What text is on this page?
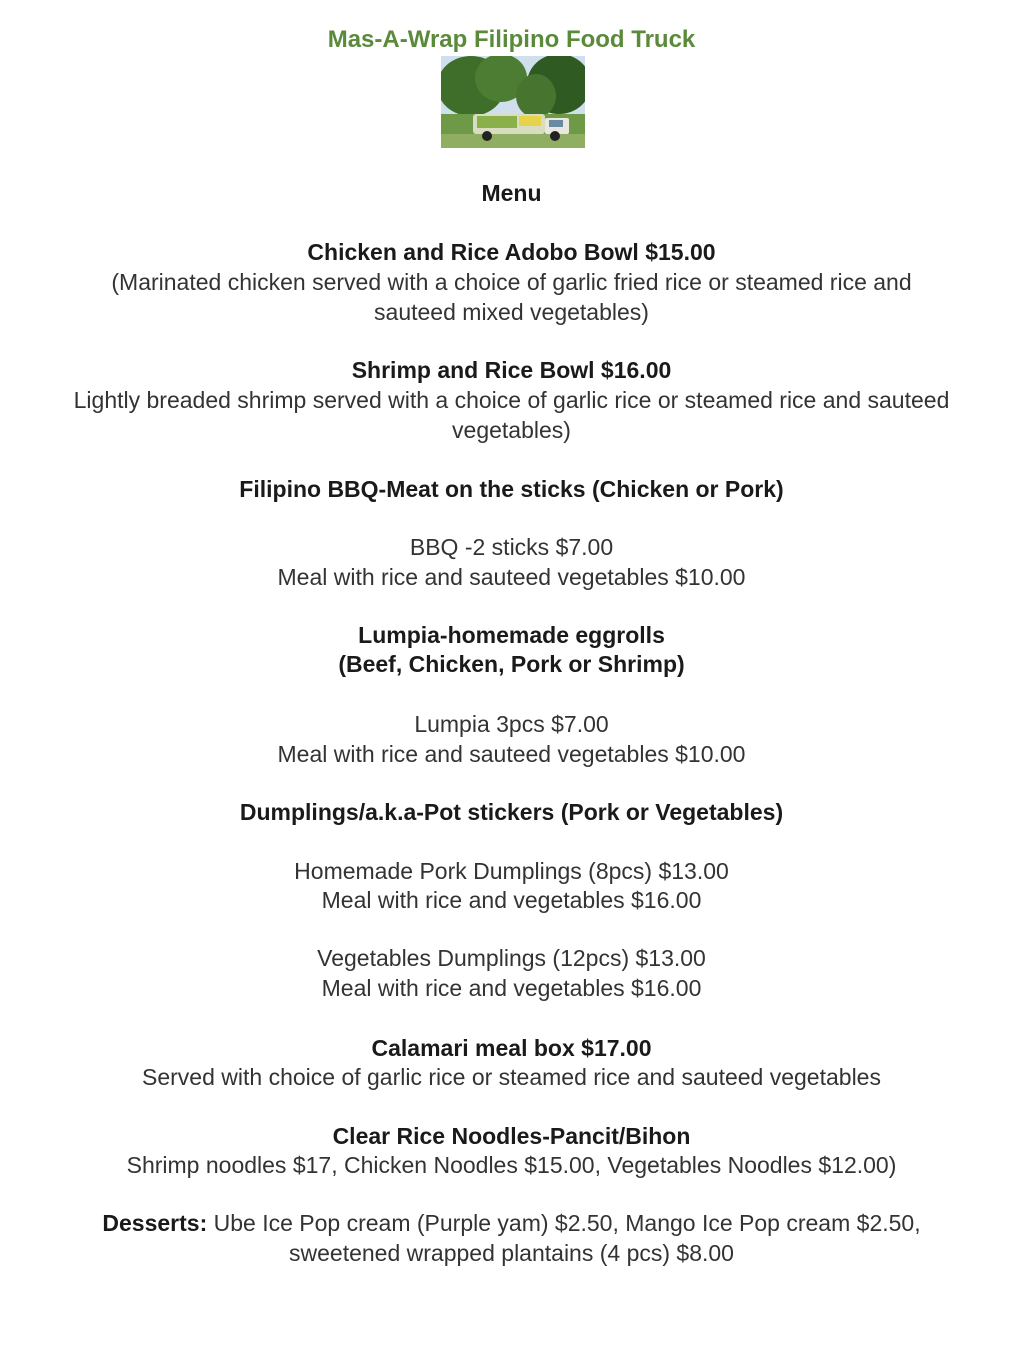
Mas-A-Wrap Filipino Food Truck
Menu
Chicken and Rice Adobo Bowl $15.00
(Marinated chicken served with a choice of garlic fried rice or steamed rice and
sauteed mixed vegetables)
Shrimp and Rice Bowl $16.00
Lightly breaded shrimp served with a choice of garlic rice or steamed rice and sauteed
vegetables)
Filipino BBQ-Meat on the sticks (Chicken or Pork)
BBQ -2 sticks $7.00
Meal with rice and sauteed vegetables $10.00
Lumpia-homemade eggrolls
(Beef, Chicken, Pork or Shrimp)
Lumpia 3pcs $7.00
Meal with rice and sauteed vegetables $10.00
Dumplings/a.k.a-Pot stickers (Pork or Vegetables)
Homemade Pork Dumplings (8pcs) $13.00
Meal with rice and vegetables $16.00
Vegetables Dumplings (12pcs) $13.00
Meal with rice and vegetables $16.00
Calamari meal box $17.00
Served with choice of garlic rice or steamed rice and sauteed vegetables
Clear Rice Noodles-Pancit/Bihon
Shrimp noodles $17, Chicken Noodles $15.00, Vegetables Noodles $12.00)
Desserts: Ube Ice Pop cream (Purple yam) $2.50, Mango Ice Pop cream $2.50,
sweetened wrapped plantains (4 pcs) $8.00
